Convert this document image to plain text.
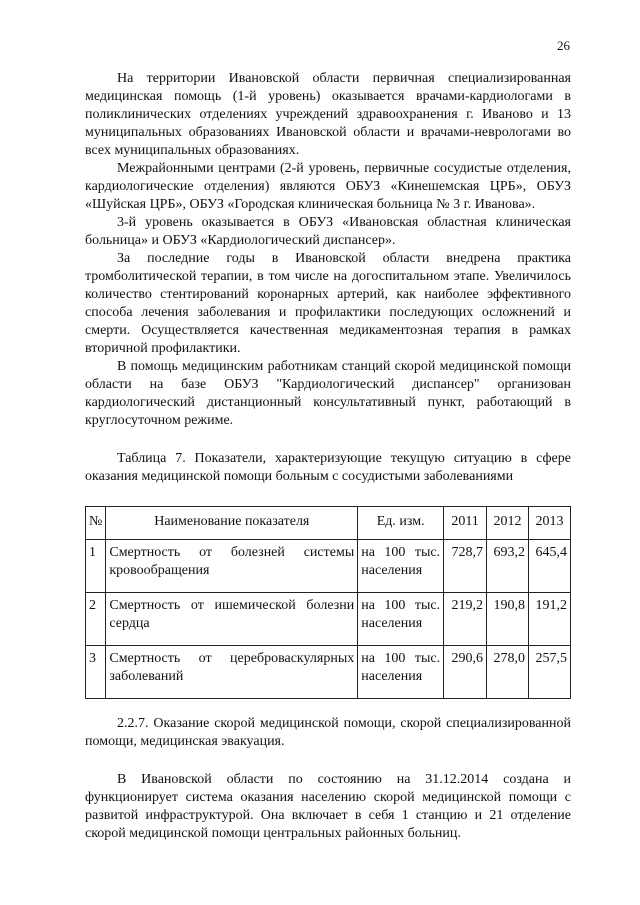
26

На территории Ивановской области первичная специализированная медицинская помощь (1-й уровень) оказывается врачами-кардиологами в поликлинических отделениях учреждений здравоохранения г. Иваново и 13 муниципальных образованиях Ивановской области и врачами-неврологами во всех муниципальных образованиях.

Межрайонными центрами (2-й уровень, первичные сосудистые отделения, кардиологические отделения) являются ОБУЗ «Кинешемская ЦРБ», ОБУЗ «Шуйская ЦРБ», ОБУЗ «Городская клиническая больница № 3 г. Иванова».

3-й уровень оказывается в ОБУЗ «Ивановская областная клиническая больница» и ОБУЗ «Кардиологический диспансер».

За последние годы в Ивановской области внедрена практика тромболитической терапии, в том числе на догоспитальном этапе. Увеличилось количество стентирований коронарных артерий, как наиболее эффективного способа лечения заболевания и профилактики последующих осложнений и смерти. Осуществляется качественная медикаментозная терапия в рамках вторичной профилактики.

В помощь медицинским работникам станций скорой медицинской помощи области на базе ОБУЗ "Кардиологический диспансер" организован кардиологический дистанционный консультативный пункт, работающий в круглосуточном режиме.

Таблица 7. Показатели, характеризующие текущую ситуацию в сфере оказания медицинской помощи больным с сосудистыми заболеваниями

№	Наименование показателя	Ед. изм.	2011	2012	2013
1	Смертность от болезней системы кровообращения	на 100 тыс. населения	728,7	693,2	645,4
2	Смертность от ишемической болезни сердца	на 100 тыс. населения	219,2	190,8	191,2
3	Смертность от цереброваскулярных заболеваний	на 100 тыс. населения	290,6	278,0	257,5

2.2.7. Оказание скорой медицинской помощи, скорой специализированной помощи, медицинская эвакуация.

В Ивановской области по состоянию на 31.12.2014 создана и функционирует система оказания населению скорой медицинской помощи с развитой инфраструктурой. Она включает в себя 1 станцию и 21 отделение скорой медицинской помощи центральных районных больниц.
